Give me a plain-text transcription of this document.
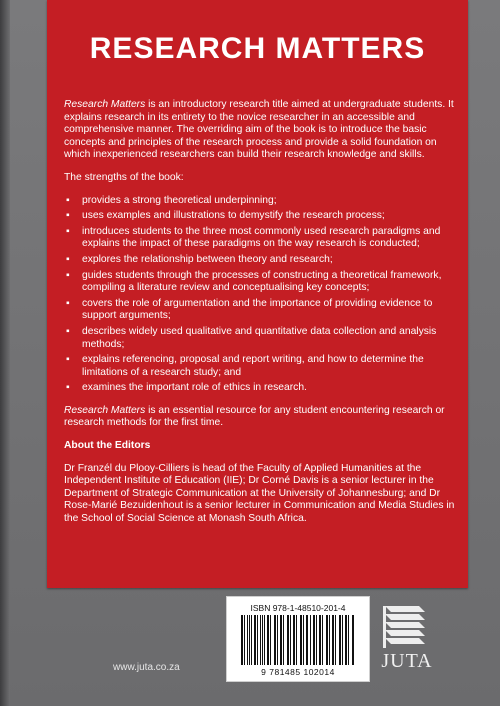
RESEARCH MATTERS

Research Matters is an introductory research title aimed at undergraduate students. It explains research in its entirety to the novice researcher in an accessible and comprehensive manner. The overriding aim of the book is to introduce the basic concepts and principles of the research process and provide a solid foundation on which inexperienced researchers can build their research knowledge and skills.

The strengths of the book:

▪ provides a strong theoretical underpinning;
▪ uses examples and illustrations to demystify the research process;
▪ introduces students to the three most commonly used research paradigms and explains the impact of these paradigms on the way research is conducted;
▪ explores the relationship between theory and research;
▪ guides students through the processes of constructing a theoretical framework, compiling a literature review and conceptualising key concepts;
▪ covers the role of argumentation and the importance of providing evidence to support arguments;
▪ describes widely used qualitative and quantitative data collection and analysis methods;
▪ explains referencing, proposal and report writing, and how to determine the limitations of a research study; and
▪ examines the important role of ethics in research.

Research Matters is an essential resource for any student encountering research or research methods for the first time.

About the Editors

Dr Franzél du Plooy-Cilliers is head of the Faculty of Applied Humanities at the Independent Institute of Education (IIE); Dr Corné Davis is a senior lecturer in the Department of Strategic Communication at the University of Johannesburg; and Dr Rose-Marié Bezuidenhout is a senior lecturer in Communication and Media Studies in the School of Social Science at Monash South Africa.

ISBN 978-1-48510-201-4
9 781485 102014	JUTA
www.juta.co.za
